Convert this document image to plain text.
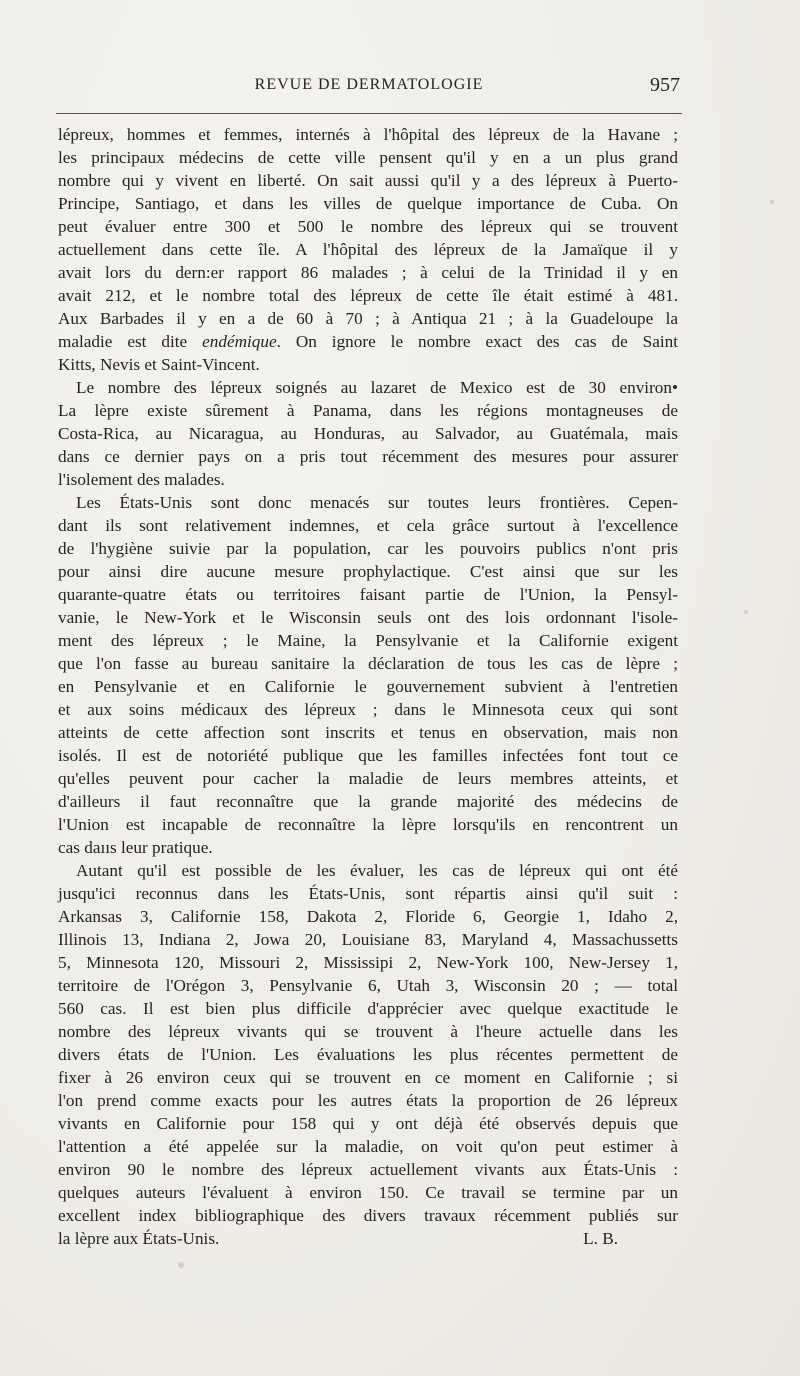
REVUE DE DERMATOLOGIE	957
lépreux, hommes et femmes, internés à l'hôpital des lépreux de la Havane ;
les principaux médecins de cette ville pensent qu'il y en a un plus grand
nombre qui y vivent en liberté. On sait aussi qu'il y a des lépreux à Puerto-
Principe, Santiago, et dans les villes de quelque importance de Cuba. On
peut évaluer entre 300 et 500 le nombre des lépreux qui se trouvent
actuellement dans cette île. A l'hôpital des lépreux de la Jamaïque il y
avait lors du dern:er rapport 86 malades ; à celui de la Trinidad il y en
avait 212, et le nombre total des lépreux de cette île était estimé à 481.
Aux Barbades il y en a de 60 à 70 ; à Antiqua 21 ; à la Guadeloupe la
maladie est dite endémique. On ignore le nombre exact des cas de Saint
Kitts, Nevis et Saint-Vincent.
Le nombre des lépreux soignés au lazaret de Mexico est de 30 environ•
La lèpre existe sûrement à Panama, dans les régions montagneuses de
Costa-Rica, au Nicaragua, au Honduras, au Salvador, au Guatémala, mais
dans ce dernier pays on a pris tout récemment des mesures pour assurer
l'isolement des malades.
Les États-Unis sont donc menacés sur toutes leurs frontières. Cepen-
dant ils sont relativement indemnes, et cela grâce surtout à l'excellence
de l'hygiène suivie par la population, car les pouvoirs publics n'ont pris
pour ainsi dire aucune mesure prophylactique. C'est ainsi que sur les
quarante-quatre états ou territoires faisant partie de l'Union, la Pensyl-
vanie, le New-York et le Wisconsin seuls ont des lois ordonnant l'isole-
ment des lépreux ; le Maine, la Pensylvanie et la Californie exigent
que l'on fasse au bureau sanitaire la déclaration de tous les cas de lèpre ;
en Pensylvanie et en Californie le gouvernement subvient à l'entretien
et aux soins médicaux des lépreux ; dans le Minnesota ceux qui sont
atteints de cette affection sont inscrits et tenus en observation, mais non
isolés. Il est de notoriété publique que les familles infectées font tout ce
qu'elles peuvent pour cacher la maladie de leurs membres atteints, et
d'ailleurs il faut reconnaître que la grande majorité des médecins de
l'Union est incapable de reconnaître la lèpre lorsqu'ils en rencontrent un
cas daııs leur pratique.
Autant qu'il est possible de les évaluer, les cas de lépreux qui ont été
jusqu'ici reconnus dans les États-Unis, sont répartis ainsi qu'il suit :
Arkansas 3, Californie 158, Dakota 2, Floride 6, Georgie 1, Idaho 2,
Illinois 13, Indiana 2, Jowa 20, Louisiane 83, Maryland 4, Massachussetts
5, Minnesota 120, Missouri 2, Mississipi 2, New-York 100, New-Jersey 1,
territoire de l'Orégon 3, Pensylvanie 6, Utah 3, Wisconsin 20 ; — total
560 cas. Il est bien plus difficile d'apprécier avec quelque exactitude le
nombre des lépreux vivants qui se trouvent à l'heure actuelle dans les
divers états de l'Union. Les évaluations les plus récentes permettent de
fixer à 26 environ ceux qui se trouvent en ce moment en Californie ; si
l'on prend comme exacts pour les autres états la proportion de 26 lépreux
vivants en Californie pour 158 qui y ont déjà été observés depuis que
l'attention a été appelée sur la maladie, on voit qu'on peut estimer à
environ 90 le nombre des lépreux actuellement vivants aux États-Unis :
quelques auteurs l'évaluent à environ 150. Ce travail se termine par un
excellent index bibliographique des divers travaux récemment publiés sur
la lèpre aux États-Unis.	L. B.
